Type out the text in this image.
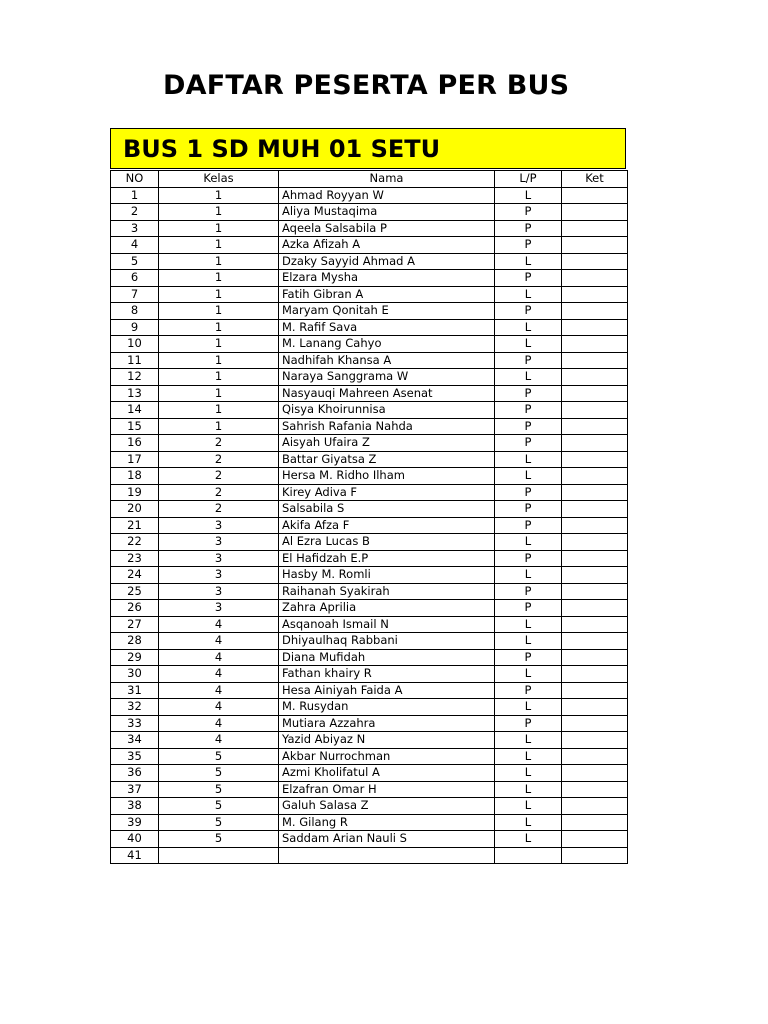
DAFTAR PESERTA PER BUS
BUS 1 SD MUH 01 SETU
NO	Kelas	Nama	L/P	Ket
1	1	Ahmad Royyan W	L	
2	1	Aliya Mustaqima	P	
3	1	Aqeela Salsabila P	P	
4	1	Azka Afizah A	P	
5	1	Dzaky Sayyid Ahmad A	L	
6	1	Elzara Mysha	P	
7	1	Fatih Gibran A	L	
8	1	Maryam Qonitah E	P	
9	1	M. Rafif Sava	L	
10	1	M. Lanang Cahyo	L	
11	1	Nadhifah Khansa A	P	
12	1	Naraya Sanggrama W	L	
13	1	Nasyauqi Mahreen Asenat	P	
14	1	Qisya Khoirunnisa	P	
15	1	Sahrish Rafania Nahda	P	
16	2	Aisyah Ufaira Z	P	
17	2	Battar Giyatsa Z	L	
18	2	Hersa M. Ridho Ilham	L	
19	2	Kirey Adiva F	P	
20	2	Salsabila S	P	
21	3	Akifa Afza F	P	
22	3	Al Ezra Lucas B	L	
23	3	El Hafidzah E.P	P	
24	3	Hasby M. Romli	L	
25	3	Raihanah Syakirah	P	
26	3	Zahra Aprilia	P	
27	4	Asqanoah Ismail N	L	
28	4	Dhiyaulhaq Rabbani	L	
29	4	Diana Mufidah	P	
30	4	Fathan khairy R	L	
31	4	Hesa Ainiyah Faida A	P	
32	4	M. Rusydan	L	
33	4	Mutiara Azzahra	P	
34	4	Yazid Abiyaz N	L	
35	5	Akbar Nurrochman	L	
36	5	Azmi Kholifatul A	L	
37	5	Elzafran Omar H	L	
38	5	Galuh Salasa Z	L	
39	5	M. Gilang R	L	
40	5	Saddam Arian Nauli S	L	
41				
